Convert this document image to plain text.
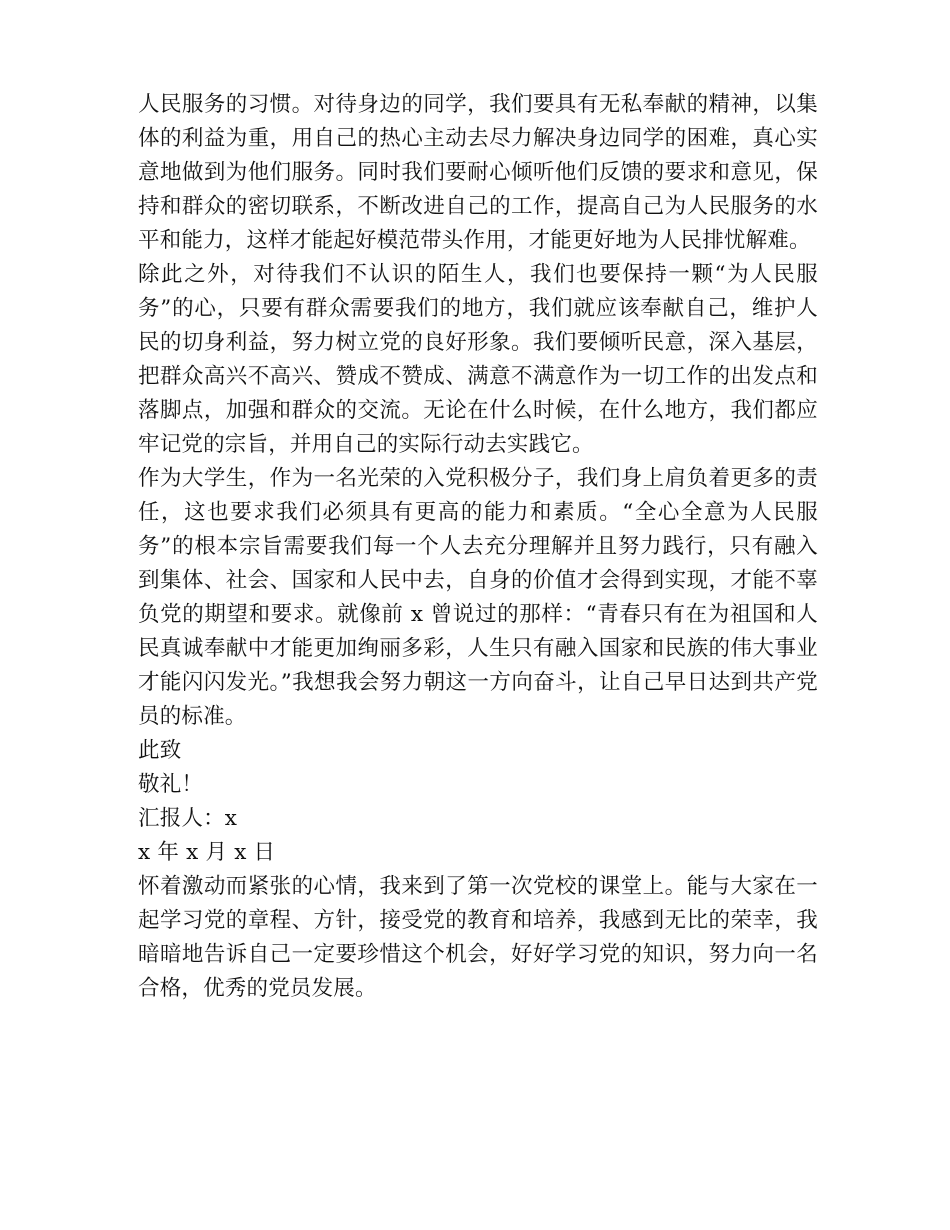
人民服务的习惯。对待身边的同学，我们要具有无私奉献的精神，以集体的利益为重，用自己的热心主动去尽力解决身边同学的困难，真心实意地做到为他们服务。同时我们要耐心倾听他们反馈的要求和意见，保持和群众的密切联系，不断改进自己的工作，提高自己为人民服务的水平和能力，这样才能起好模范带头作用，才能更好地为人民排忧解难。

除此之外，对待我们不认识的陌生人，我们也要保持一颗“为人民服务”的心，只要有群众需要我们的地方，我们就应该奉献自己，维护人民的切身利益，努力树立党的良好形象。我们要倾听民意，深入基层，把群众高兴不高兴、赞成不赞成、满意不满意作为一切工作的出发点和落脚点，加强和群众的交流。无论在什么时候，在什么地方，我们都应牢记党的宗旨，并用自己的实际行动去实践它。

作为大学生，作为一名光荣的入党积极分子，我们身上肩负着更多的责任，这也要求我们必须具有更高的能力和素质。“全心全意为人民服务”的根本宗旨需要我们每一个人去充分理解并且努力践行，只有融入到集体、社会、国家和人民中去，自身的价值才会得到实现，才能不辜负党的期望和要求。就像前 x 曾说过的那样：“青春只有在为祖国和人民真诚奉献中才能更加绚丽多彩，人生只有融入国家和民族的伟大事业才能闪闪发光。”我想我会努力朝这一方向奋斗，让自己早日达到共产党员的标准。

此致

敬礼！

汇报人：x

x 年 x 月 x 日

怀着激动而紧张的心情，我来到了第一次党校的课堂上。能与大家在一起学习党的章程、方针，接受党的教育和培养，我感到无比的荣幸，我暗暗地告诉自己一定要珍惜这个机会，好好学习党的知识，努力向一名合格，优秀的党员发展。
